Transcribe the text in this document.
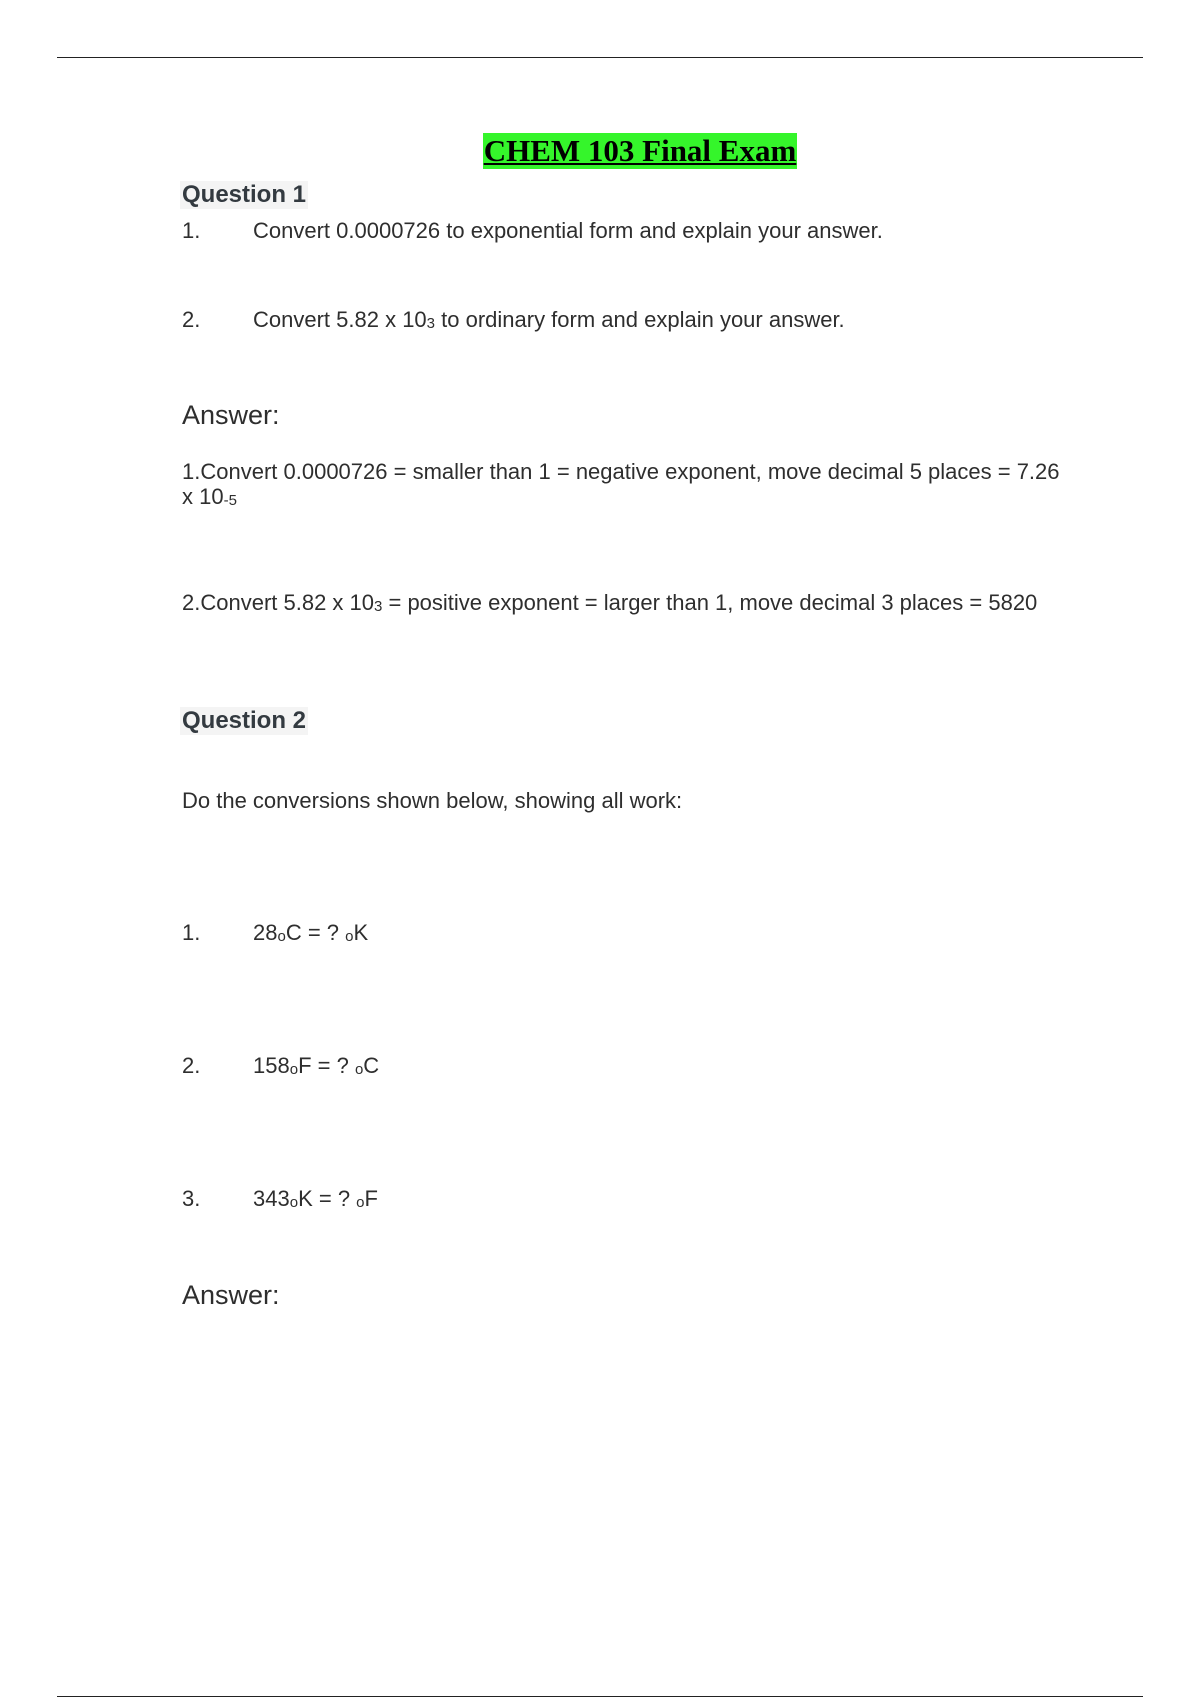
CHEM 103 Final Exam
Question 1
1. Convert 0.0000726 to exponential form and explain your answer.
2. Convert 5.82 x 103 to ordinary form and explain your answer.
Answer:
1.Convert 0.0000726 = smaller than 1 = negative exponent, move decimal 5 places = 7.26 x 10-5
2.Convert 5.82 x 103 = positive exponent = larger than 1, move decimal 3 places = 5820
Question 2
Do the conversions shown below, showing all work:
1. 28oC = ? oK
2. 158oF = ? oC
3. 343oK = ? oF
Answer:
